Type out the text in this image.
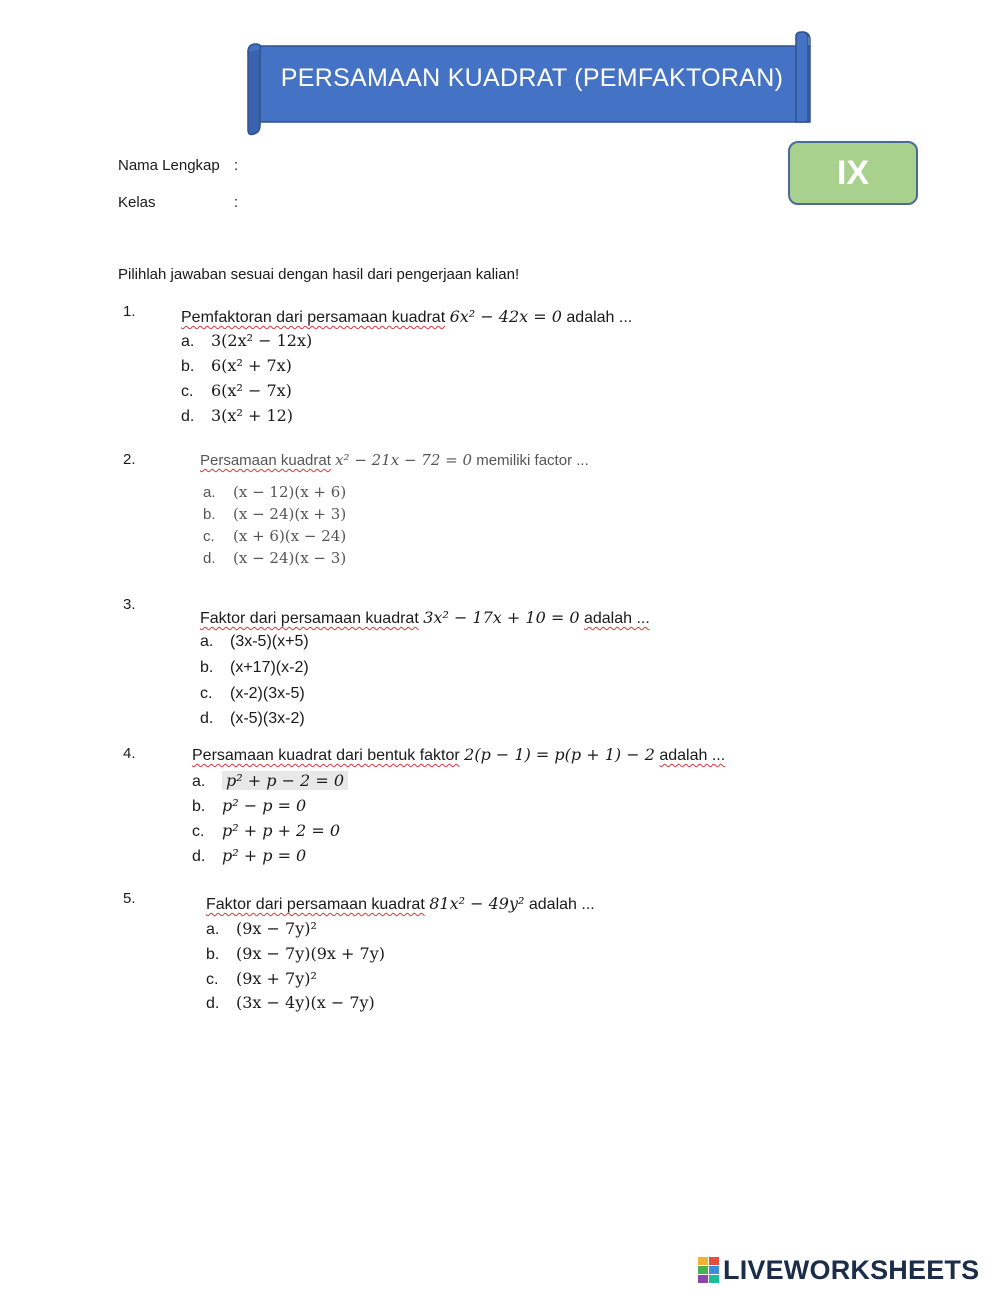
PERSAMAAN KUADRAT (PEMFAKTORAN)
IX
Nama Lengkap :
Kelas	:
Pilihlah jawaban sesuai dengan hasil dari pengerjaan kalian!
1.	Pemfaktoran dari persamaan kuadrat 6x² − 42x = 0 adalah ...
a. 3(2x² − 12x)
b. 6(x² + 7x)
c. 6(x² − 7x)
d. 3(x² + 12)
2.	Persamaan kuadrat x² − 21x − 72 = 0 memiliki factor ...
a. (x − 12)(x + 6)
b. (x − 24)(x + 3)
c. (x + 6)(x − 24)
d. (x − 24)(x − 3)
3.
Faktor dari persamaan kuadrat 3x² − 17x + 10 = 0 adalah ...
a. (3x-5)(x+5)
b. (x+17)(x-2)
c. (x-2)(3x-5)
d. (x-5)(3x-2)
4.	Persamaan kuadrat dari bentuk faktor 2(p − 1) = p(p + 1) − 2 adalah ...
a. p² + p − 2 = 0
b. p² − p = 0
c. p² + p + 2 = 0
d. p² + p = 0
5.	Faktor dari persamaan kuadrat 81x² − 49y² adalah ...
a. (9x − 7y)²
b. (9x − 7y)(9x + 7y)
c. (9x + 7y)²
d. (3x − 4y)(x − 7y)
LIVEWORKSHEETS
